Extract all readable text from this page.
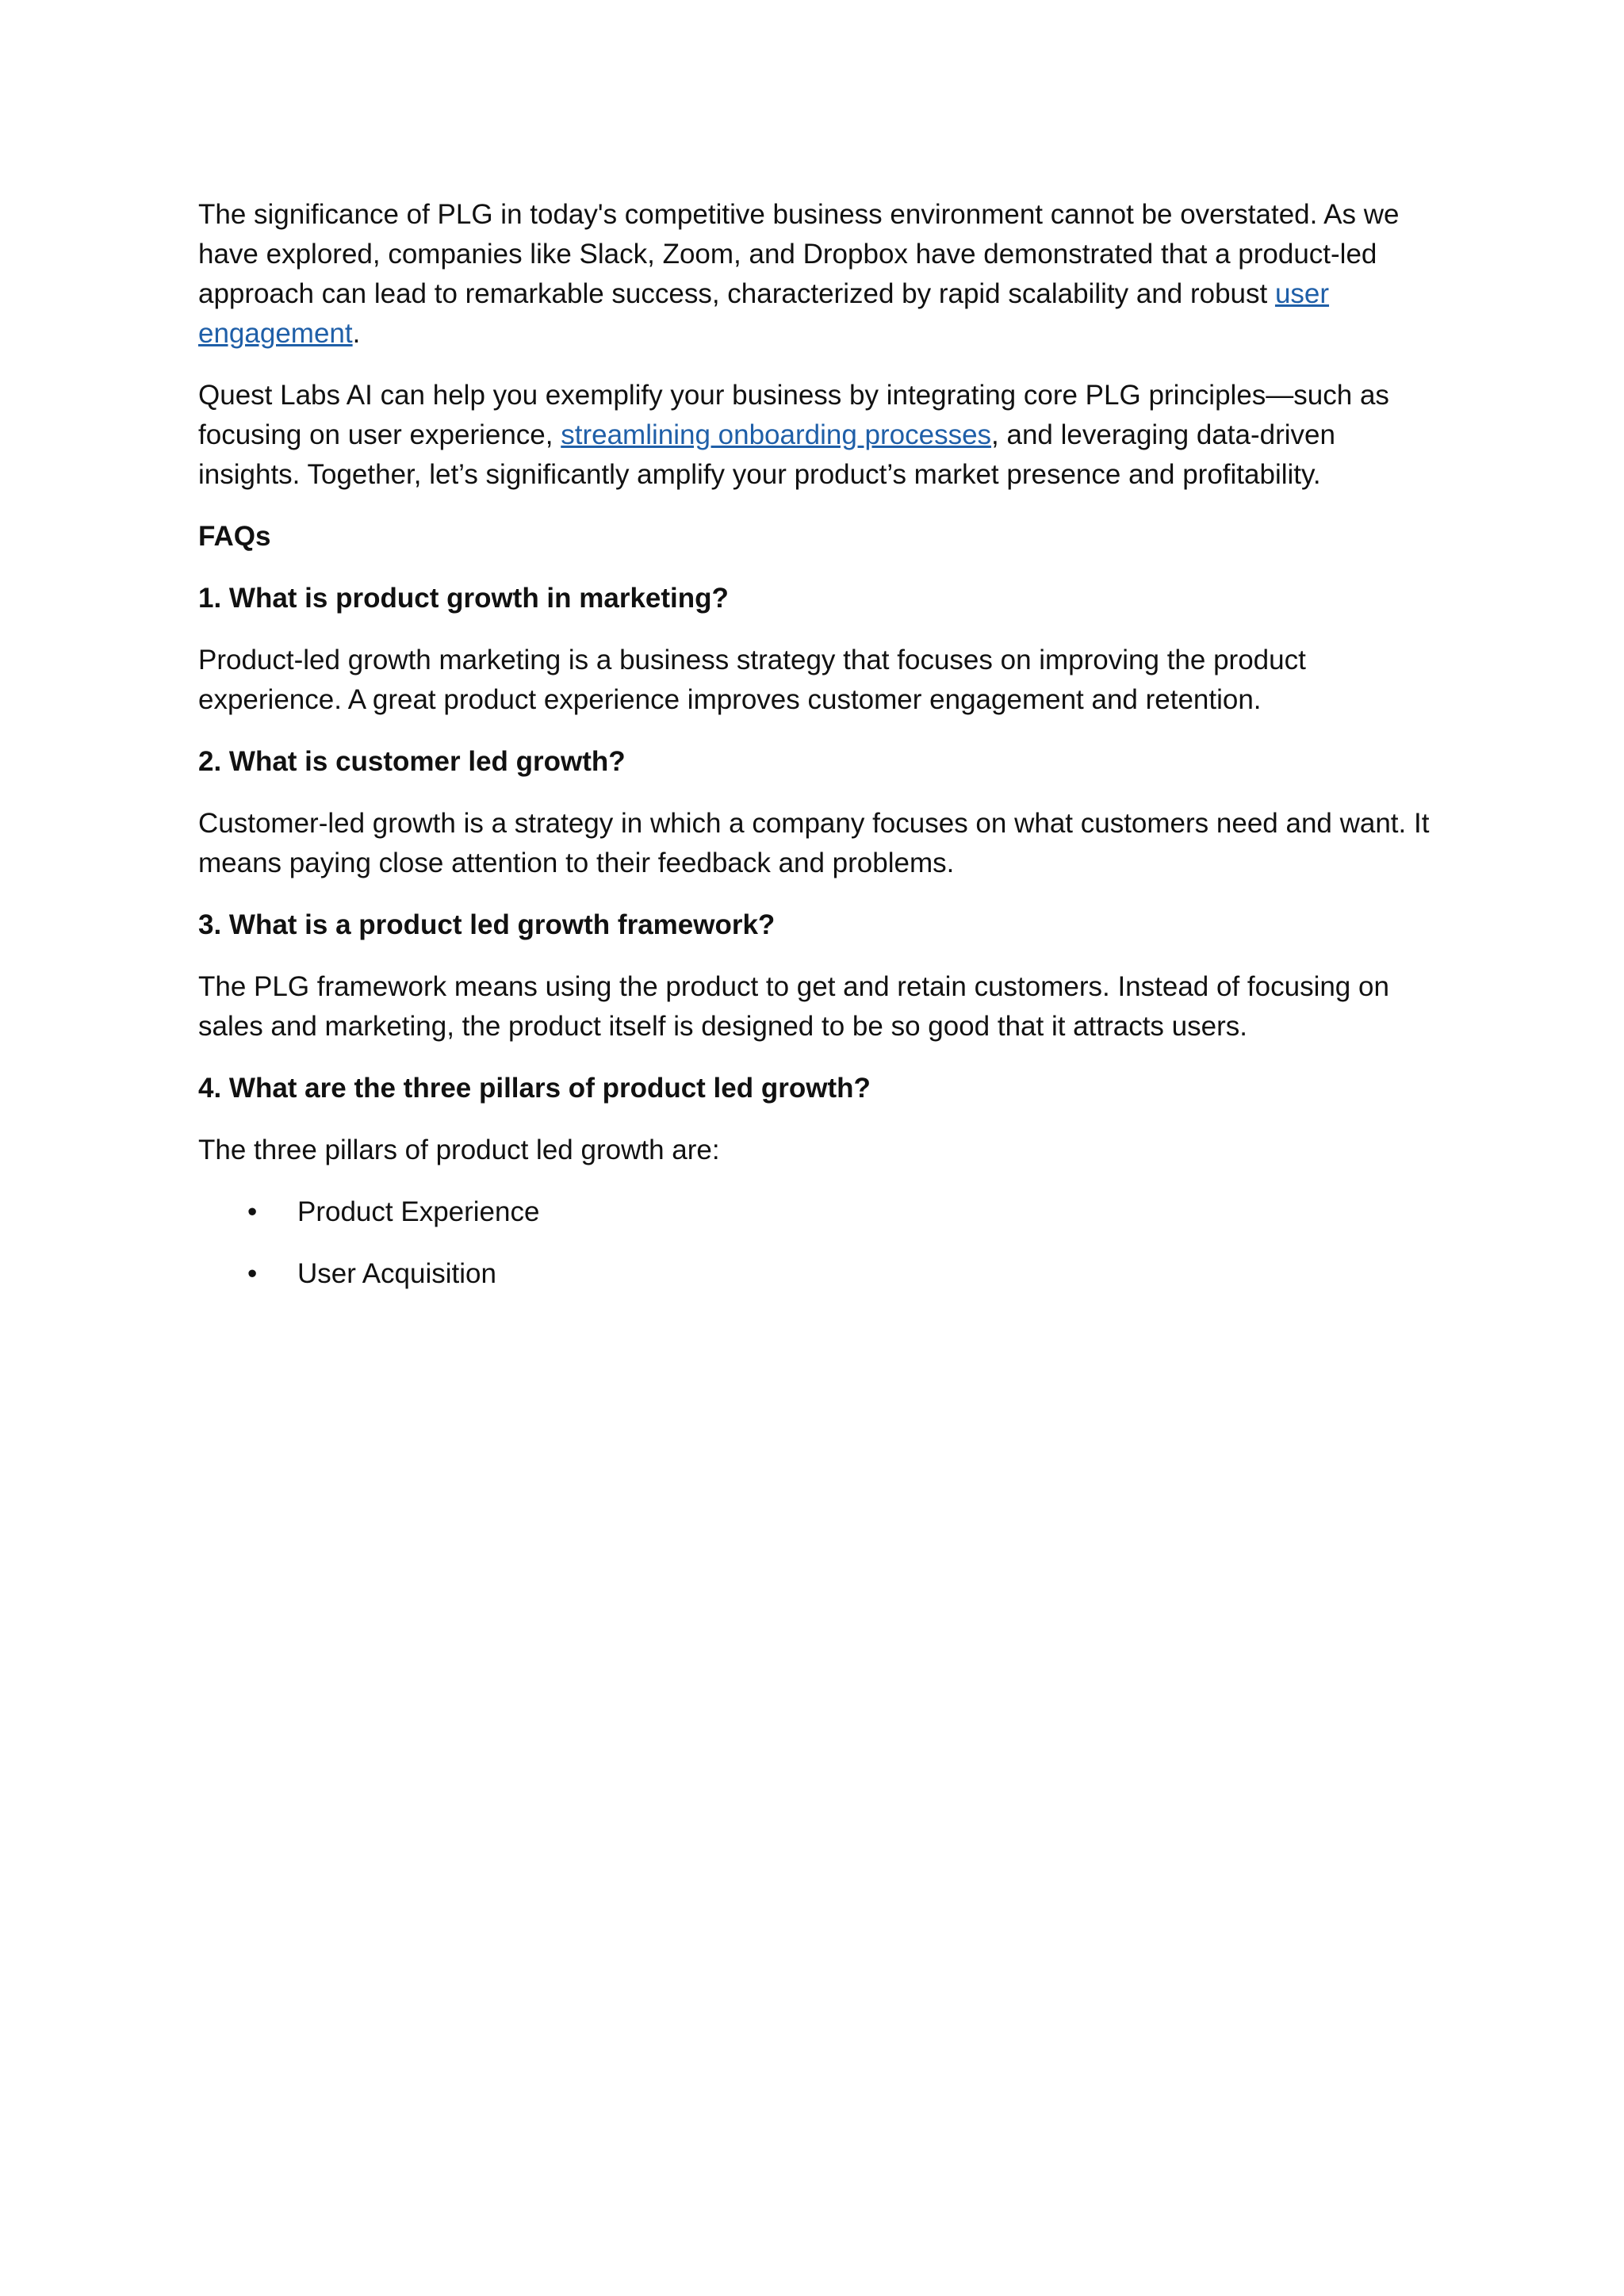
The significance of PLG in today's competitive business environment cannot be overstated. As we have explored, companies like Slack, Zoom, and Dropbox have demonstrated that a product-led approach can lead to remarkable success, characterized by rapid scalability and robust user engagement.

Quest Labs AI can help you exemplify your business by integrating core PLG principles—such as focusing on user experience, streamlining onboarding processes, and leveraging data-driven insights. Together, let’s significantly amplify your product’s market presence and profitability.

FAQs

1. What is product growth in marketing?

Product-led growth marketing is a business strategy that focuses on improving the product experience. A great product experience improves customer engagement and retention.

2. What is customer led growth?

Customer-led growth is a strategy in which a company focuses on what customers need and want. It means paying close attention to their feedback and problems.

3. What is a product led growth framework?

The PLG framework means using the product to get and retain customers. Instead of focusing on sales and marketing, the product itself is designed to be so good that it attracts users.

4. What are the three pillars of product led growth?

The three pillars of product led growth are:

• Product Experience
• User Acquisition
